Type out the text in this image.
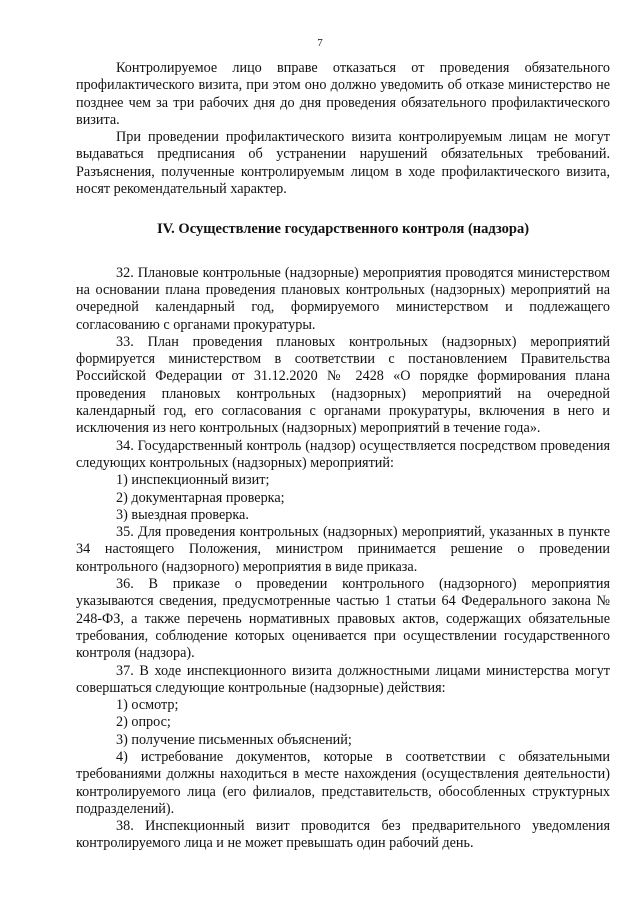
7

Контролируемое лицо вправе отказаться от проведения обязательного профилактического визита, при этом оно должно уведомить об отказе министерство не позднее чем за три рабочих дня до дня проведения обязательного профилактического визита.

При проведении профилактического визита контролируемым лицам не могут выдаваться предписания об устранении нарушений обязательных требований. Разъяснения, полученные контролируемым лицом в ходе профилактического визита, носят рекомендательный характер.

IV. Осуществление государственного контроля (надзора)

32. Плановые контрольные (надзорные) мероприятия проводятся министерством на основании плана проведения плановых контрольных (надзорных) мероприятий на очередной календарный год, формируемого министерством и подлежащего согласованию с органами прокуратуры.

33. План проведения плановых контрольных (надзорных) мероприятий формируется министерством в соответствии с постановлением Правительства Российской Федерации от 31.12.2020 № 2428 «О порядке формирования плана проведения плановых контрольных (надзорных) мероприятий на очередной календарный год, его согласования с органами прокуратуры, включения в него и исключения из него контрольных (надзорных) мероприятий в течение года».

34. Государственный контроль (надзор) осуществляется посредством проведения следующих контрольных (надзорных) мероприятий:

1) инспекционный визит;

2) документарная проверка;

3) выездная проверка.

35. Для проведения контрольных (надзорных) мероприятий, указанных в пункте 34 настоящего Положения, министром принимается решение о проведении контрольного (надзорного) мероприятия в виде приказа.

36. В приказе о проведении контрольного (надзорного) мероприятия указываются сведения, предусмотренные частью 1 статьи 64 Федерального закона № 248-ФЗ, а также перечень нормативных правовых актов, содержащих обязательные требования, соблюдение которых оценивается при осуществлении государственного контроля (надзора).

37. В ходе инспекционного визита должностными лицами министерства могут совершаться следующие контрольные (надзорные) действия:

1) осмотр;

2) опрос;

3) получение письменных объяснений;

4) истребование документов, которые в соответствии с обязательными требованиями должны находиться в месте нахождения (осуществления деятельности) контролируемого лица (его филиалов, представительств, обособленных структурных подразделений).

38. Инспекционный визит проводится без предварительного уведомления контролируемого лица и не может превышать один рабочий день.
